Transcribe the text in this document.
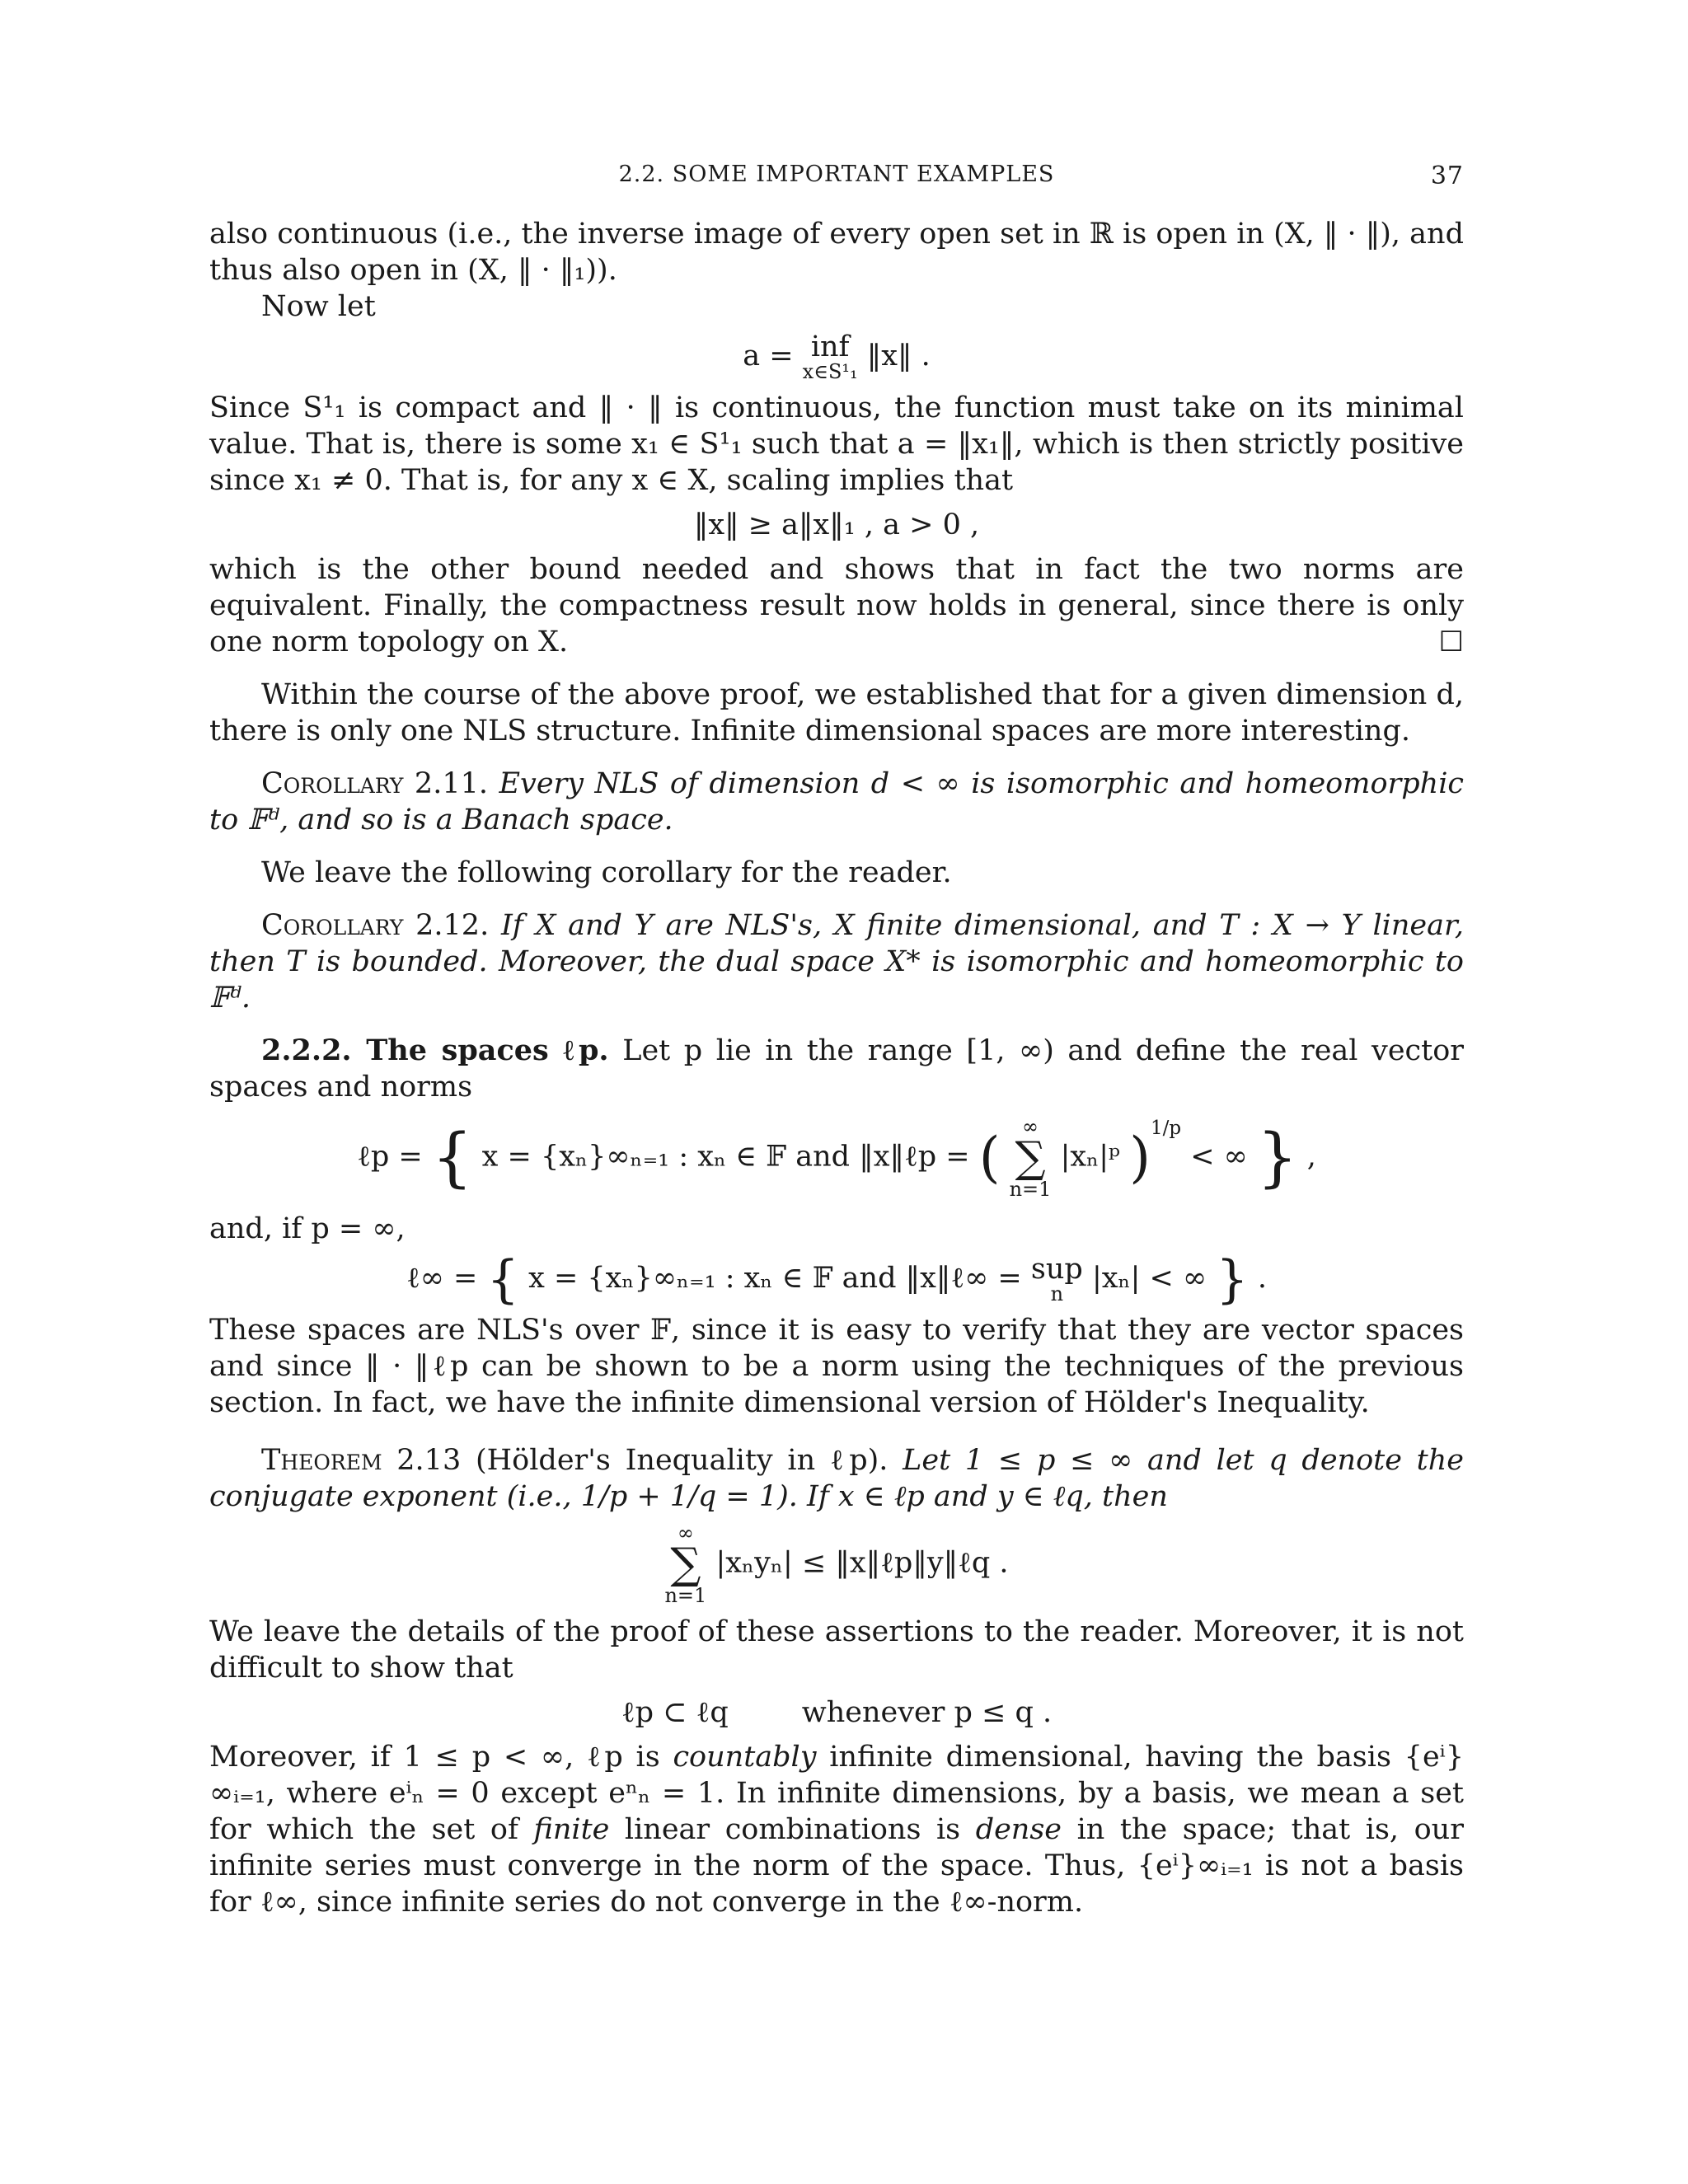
2.2. SOME IMPORTANT EXAMPLES	37

also continuous (i.e., the inverse image of every open set in ℝ is open in (X, ‖ · ‖), and thus also open in (X, ‖ · ‖₁)).

Now let

a = inf
x∈S¹₁ ‖x‖ .

Since S¹₁ is compact and ‖ · ‖ is continuous, the function must take on its minimal value. That is, there is some x₁ ∈ S¹₁ such that a = ‖x₁‖, which is then strictly positive since x₁ ≠ 0. That is, for any x ∈ X, scaling implies that

‖x‖ ≥ a‖x‖₁ , a > 0 ,

which is the other bound needed and shows that in fact the two norms are equivalent. Finally, the compactness result now holds in general, since there is only one norm topology on X.	☐

Within the course of the above proof, we established that for a given dimension d, there is only one NLS structure. Infinite dimensional spaces are more interesting.

Corollary 2.11. Every NLS of dimension d < ∞ is isomorphic and homeomorphic to 𝔽ᵈ, and so is a Banach space.

We leave the following corollary for the reader.

Corollary 2.12. If X and Y are NLS's, X finite dimensional, and T : X → Y linear, then T is bounded. Moreover, the dual space X* is isomorphic and homeomorphic to 𝔽ᵈ.

2.2.2. The spaces ℓp. Let p lie in the range [1, ∞) and define the real vector spaces and norms

ℓp = { x = {xₙ}∞ₙ₌₁ : xₙ ∈ 𝔽 and ‖x‖ℓp = (	∞
∑
n=1
|xₙ|ᵖ )$^{1/p}$ < ∞ } ,

and, if p = ∞,

ℓ∞ = { x = {xₙ}∞ₙ₌₁ : xₙ ∈ 𝔽 and ‖x‖ℓ∞ = sup
n |xₙ| < ∞ } .

These spaces are NLS's over 𝔽, since it is easy to verify that they are vector spaces and since ‖ · ‖ℓp can be shown to be a norm using the techniques of the previous section. In fact, we have the infinite dimensional version of Hölder's Inequality.

Theorem 2.13 (Hölder's Inequality in ℓp). Let 1 ≤ p ≤ ∞ and let q denote the conjugate exponent (i.e., 1/p + 1/q = 1). If x ∈ ℓp and y ∈ ℓq, then

∞
∑
n=1
|xₙyₙ| ≤ ‖x‖ℓp‖y‖ℓq .

We leave the details of the proof of these assertions to the reader. Moreover, it is not difficult to show that

ℓp ⊂ ℓq        whenever p ≤ q .

Moreover, if 1 ≤ p < ∞, ℓp is countably infinite dimensional, having the basis {eⁱ}∞ᵢ₌₁, where eⁱₙ = 0 except eⁿₙ = 1. In infinite dimensions, by a basis, we mean a set for which the set of finite linear combinations is dense in the space; that is, our infinite series must converge in the norm of the space. Thus, {eⁱ}∞ᵢ₌₁ is not a basis for ℓ∞, since infinite series do not converge in the ℓ∞-norm.
